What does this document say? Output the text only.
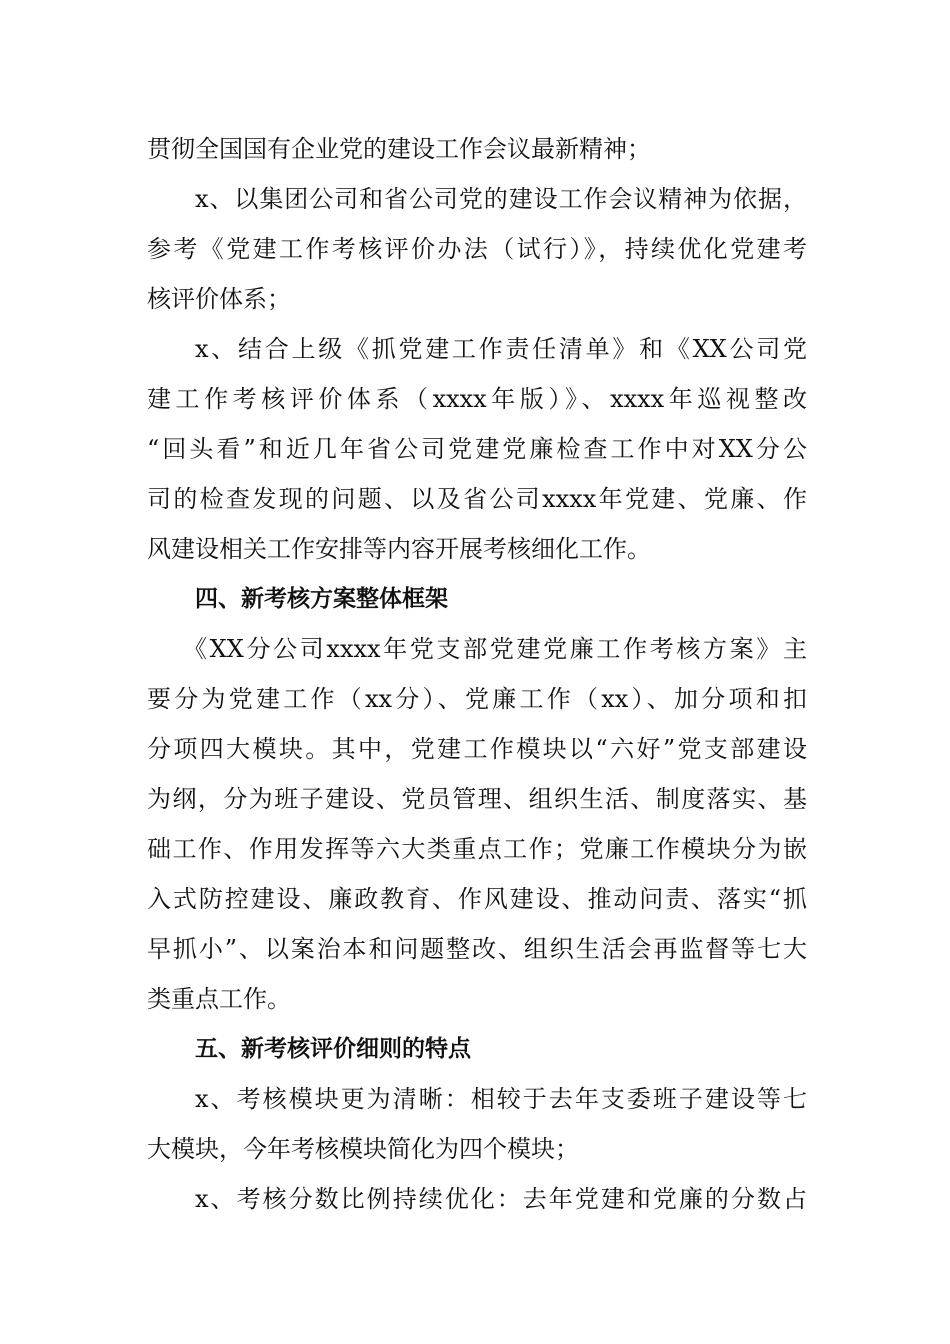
贯彻全国国有企业党的建设工作会议最新精神；
x、以集团公司和省公司党的建设工作会议精神为依据，
参考《党建工作考核评价办法（试行）》，持续优化党建考
核评价体系；
x、结合上级《抓党建工作责任清单》和《XX公司党
建工作考核评价体系（xxxx年版）》、xxxx年巡视整改
“回头看”和近几年省公司党建党廉检查工作中对XX分公
司的检查发现的问题、以及省公司xxxx年党建、党廉、作
风建设相关工作安排等内容开展考核细化工作。
四、新考核方案整体框架
《XX分公司xxxx年党支部党建党廉工作考核方案》主
要分为党建工作（xx分）、党廉工作（xx）、加分项和扣
分项四大模块。其中，党建工作模块以“六好”党支部建设
为纲，分为班子建设、党员管理、组织生活、制度落实、基
础工作、作用发挥等六大类重点工作；党廉工作模块分为嵌
入式防控建设、廉政教育、作风建设、推动问责、落实“抓
早抓小”、以案治本和问题整改、组织生活会再监督等七大
类重点工作。
五、新考核评价细则的特点
x、考核模块更为清晰：相较于去年支委班子建设等七
大模块，今年考核模块简化为四个模块；
x、考核分数比例持续优化：去年党建和党廉的分数占
